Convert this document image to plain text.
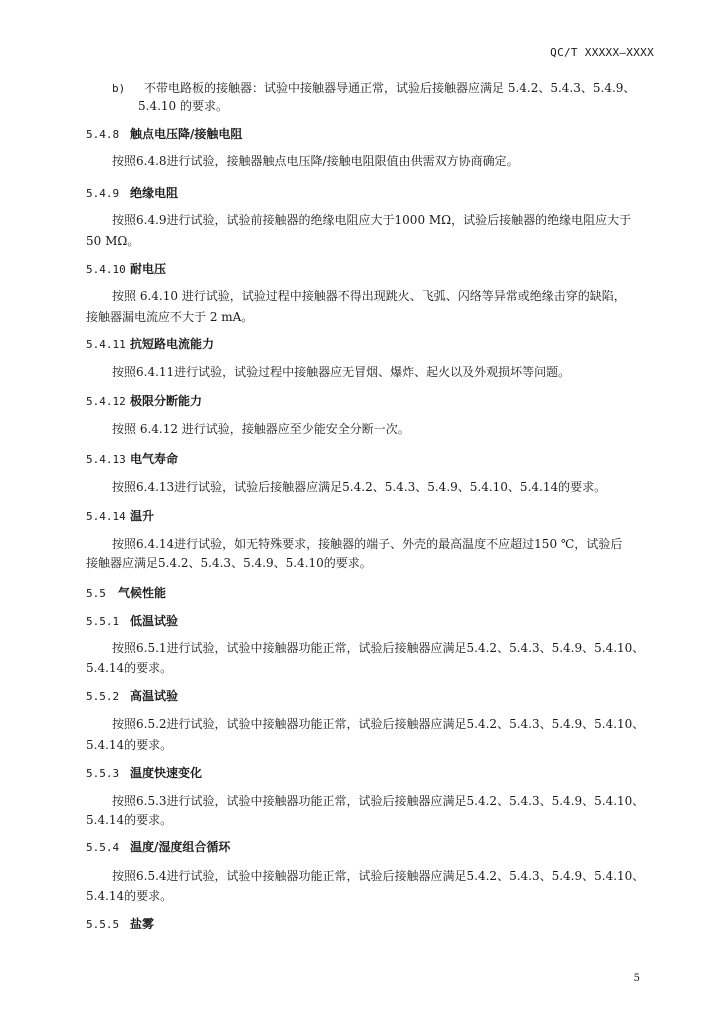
QC/T XXXXX—XXXX
b) 不带电路板的接触器：试验中接触器导通正常，试验后接触器应满足 5.4.2、5.4.3、5.4.9、
5.4.10 的要求。
5.4.8 触点电压降/接触电阻
按照6.4.8进行试验，接触器触点电压降/接触电阻限值由供需双方协商确定。
5.4.9 绝缘电阻
按照6.4.9进行试验，试验前接触器的绝缘电阻应大于1000 MΩ，试验后接触器的绝缘电阻应大于
50 MΩ。
5.4.10 耐电压
按照 6.4.10 进行试验，试验过程中接触器不得出现跳火、飞弧、闪络等异常或绝缘击穿的缺陷，
接触器漏电流应不大于 2 mA。
5.4.11 抗短路电流能力
按照6.4.11进行试验，试验过程中接触器应无冒烟、爆炸、起火以及外观损坏等问题。
5.4.12 极限分断能力
按照 6.4.12 进行试验，接触器应至少能安全分断一次。
5.4.13 电气寿命
按照6.4.13进行试验，试验后接触器应满足5.4.2、5.4.3、5.4.9、5.4.10、5.4.14的要求。
5.4.14 温升
按照6.4.14进行试验，如无特殊要求，接触器的端子、外壳的最高温度不应超过150 ℃，试验后
接触器应满足5.4.2、5.4.3、5.4.9、5.4.10的要求。
5.5 气候性能
5.5.1 低温试验
按照6.5.1进行试验，试验中接触器功能正常，试验后接触器应满足5.4.2、5.4.3、5.4.9、5.4.10、
5.4.14的要求。
5.5.2 高温试验
按照6.5.2进行试验，试验中接触器功能正常，试验后接触器应满足5.4.2、5.4.3、5.4.9、5.4.10、
5.4.14的要求。
5.5.3 温度快速变化
按照6.5.3进行试验，试验中接触器功能正常，试验后接触器应满足5.4.2、5.4.3、5.4.9、5.4.10、
5.4.14的要求。
5.5.4 温度/湿度组合循环
按照6.5.4进行试验，试验中接触器功能正常，试验后接触器应满足5.4.2、5.4.3、5.4.9、5.4.10、
5.4.14的要求。
5.5.5 盐雾
5
